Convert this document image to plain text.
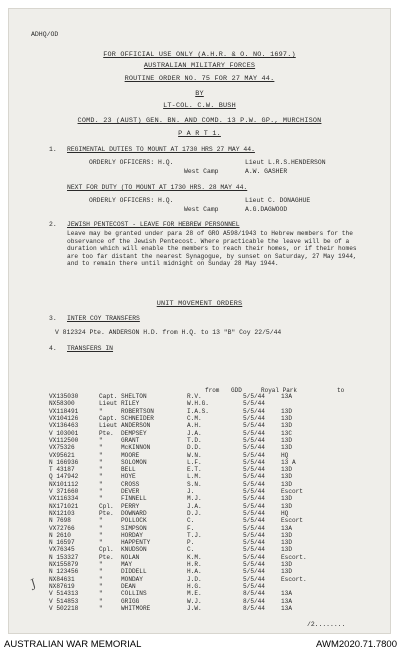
ADHQ/OD
FOR OFFICIAL USE ONLY (A.H.R. & O. NO. 1697.)
AUSTRALIAN MILITARY FORCES
ROUTINE ORDER NO. 75 FOR 27 MAY 44.
BY
LT-COL. C.W. BUSH
COMD. 23 (AUST) GEN. BN. AND COMD. 13 P.W. GP., MURCHISON
P A R T 1.
1. REGIMENTAL DUTIES TO MOUNT AT 1730 HRS 27 MAY 44.
ORDERLY OFFICERS: H.Q.	Lieut L.R.S.HENDERSON
West Camp	A.W. GASHER
NEXT FOR DUTY (TO MOUNT AT 1730 HRS. 28 MAY 44.
ORDERLY OFFICERS: H.Q.	Lieut C. DONAGHUE
West Camp	A.G.DAGWOOD
2. JEWISH PENTECOST - LEAVE FOR HEBREW PERSONNEL
Leave may be granted under para 28 of GRO A598/1943 to Hebrew members for the observance of the Jewish Pentecost. Where practicable the leave will be of a duration which will enable the members to reach their homes, or if their homes are too far distant the nearest Synagogue, by sunset on Saturday, 27 May 1944, and to remain there until midnight on Sunday 28 May 1944.
UNIT MOVEMENT ORDERS
3. INTER COY TRANSFERS
V 812324 Pte. ANDERSON H.D. from H.Q. to 13 "B" Coy 22/5/44
4. TRANSFERS IN
from GDD	Royal Park	to
VX135030	Capt.	SHELTON	R.V.	5/5/44	13A
NX58300	Lieut	RILEY	W.H.G.	5/5/44	
VX118491	"	ROBERTSON	I.A.S.	5/5/44	13D
VX104126	Capt.	SCHNEIDER	C.M.	5/5/44	13D
VX136463	Lieut	ANDERSON	A.H.	5/5/44	13D
V 103001	Pte.	DEMPSEY	J.A.	5/5/44	13C
VX112500	"	GRANT	T.D.	5/5/44	13D
VX75326	"	McKINNON	D.D.	5/5/44	13D
VX95621	"	MOORE	W.N.	5/5/44	HQ
N 166936	"	SOLOMON	L.F.	5/5/44	13 A
T 43187	"	BELL	E.T.	5/5/44	13D
Q 147942	"	HOYE	L.M.	5/5/44	13D
NX101112	"	CROSS	S.N.	5/5/44	13D
V 371660	"	DEVER	J.	5/5/44	Escort
VX116334	"	FINNELL	M.J.	5/5/44	13D
NX171021	Cpl.	PERRY	J.A.	5/5/44	13D
NX12103	Pte.	DOWNARD	D.J.	5/5/44	HQ
N 7698	"	POLLOCK	C.	5/5/44	Escort
VX72766	"	SIMPSON	F.	5/5/44	13A
N 2610	"	HORDAY	T.J.	5/5/44	13D
N 16597	"	HAPPENTY	P.	5/5/44	13D
VX76345	Cpl.	KNUDSON	C.	5/5/44	13D
N 153327	Pte.	NOLAN	K.M.	5/5/44	Escort.
NX155879	"	MAY	H.R.	5/5/44	13D
N 123456	"	DIDDELL	H.A.	5/5/44	13D
NX84631	"	MONDAY	J.D.	5/5/44	Escort.
NX87619	"	DEAN	H.G.	5/5/44	
V 514313	"	COLLINS	M.E.	8/5/44	13A
V 514853	"	GRIGG	W.J.	8/5/44	13A
V 502218	"	WHITMORE	J.W.	8/5/44	13A
J
/2........
AUSTRALIAN WAR MEMORIAL	AWM2020.71.7800
